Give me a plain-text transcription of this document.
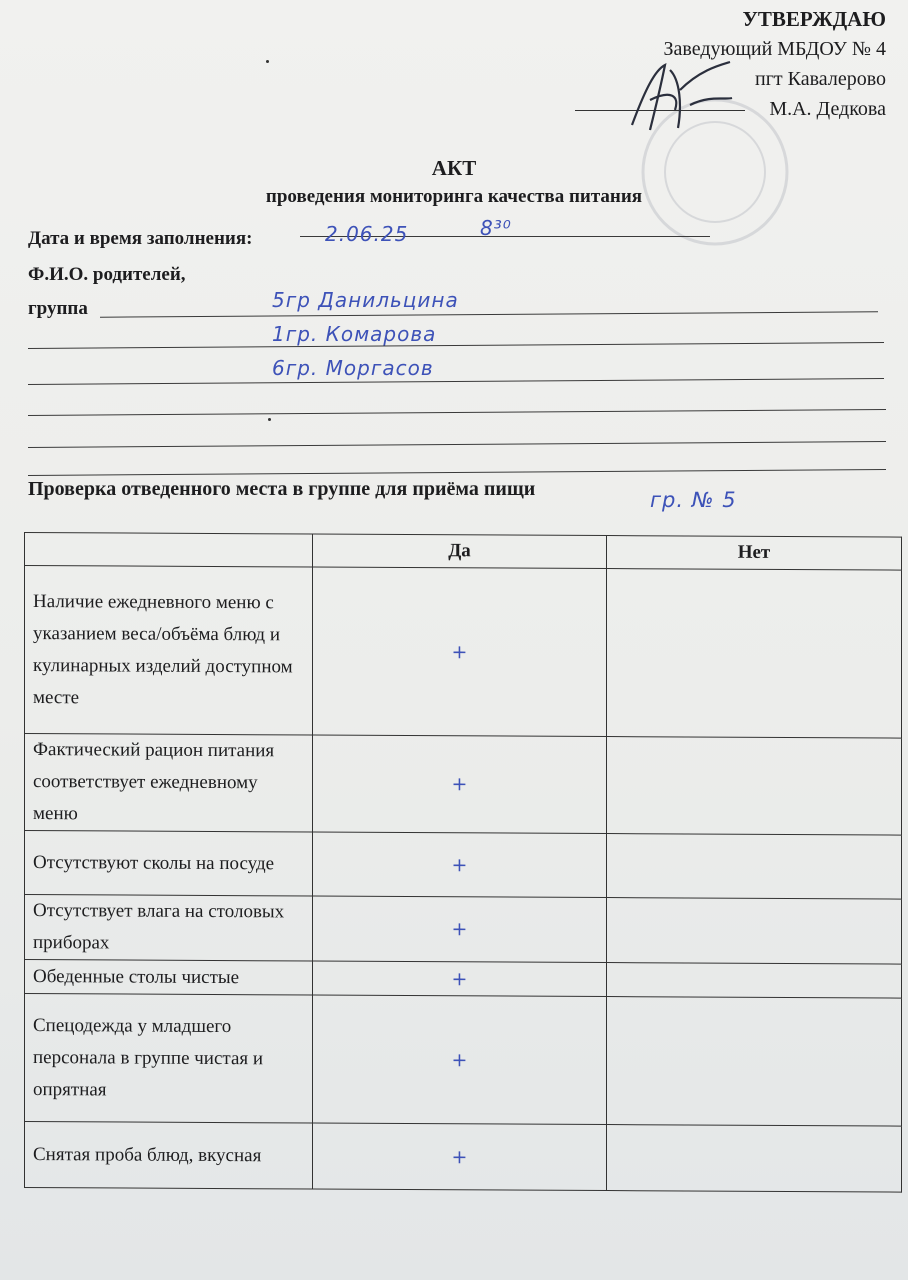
УТВЕРЖДАЮ
Заведующий МБДОУ № 4
пгт Кавалерово
М.А. Дедкова
АКТ
проведения мониторинга качества питания
Дата и время заполнения:	2.06.25	8³⁰
Ф.И.О. родителей,
группа	5гр Данильцина
1гр. Комарова
6гр. Моргасов
Проверка отведенного места в группе для приёма пищи	гр. № 5
	Да	Нет
Наличие ежедневного меню с указанием веса/объёма блюд и кулинарных изделий доступном месте	+	
Фактический рацион питания соответствует ежедневному меню	+	
Отсутствуют сколы на посуде	+	
Отсутствует влага на столовых приборах	+	
Обеденные столы чистые	+	
Спецодежда у младшего персонала в группе чистая и опрятная	+	
Снятая проба блюд, вкусная	+	
